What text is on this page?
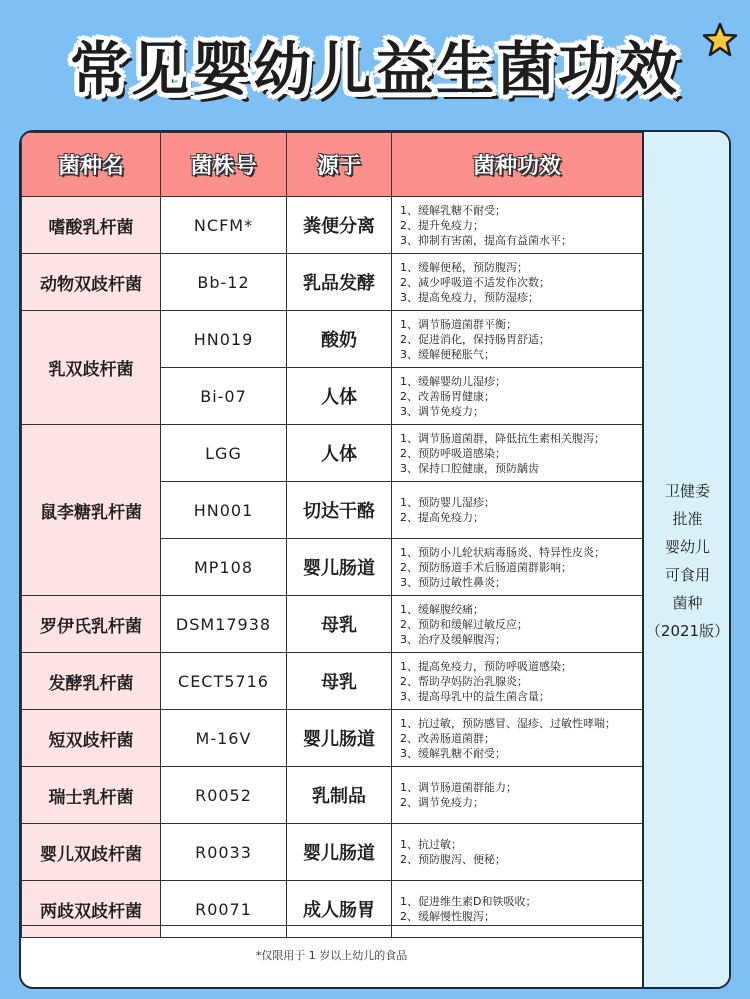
常见婴幼儿益生菌功效
菌种名	菌株号	源于	菌种功效
嗜酸乳杆菌	NCFM*	粪便分离	1、缓解乳糖不耐受；
2、提升免疫力；
3、抑制有害菌，提高有益菌水平；

动物双歧杆菌	Bb-12	乳品发酵	1、缓解便秘，预防腹泻；
2、减少呼吸道不适发作次数；
3、提高免疫力，预防湿疹；

乳双歧杆菌	HN019	酸奶	1、调节肠道菌群平衡；
2、促进消化，保持肠胃舒适；
3、缓解便秘胀气；

	Bi-07	人体	1、缓解婴幼儿湿疹；
2、改善肠胃健康；
3、调节免疫力；

鼠李糖乳杆菌	LGG	人体	1、调节肠道菌群，降低抗生素相关腹泻；
2、预防呼吸道感染；
3、保持口腔健康，预防龋齿

	HN001	切达干酪	1、预防婴儿湿疹；
2、提高免疫力；

	MP108	婴儿肠道	1、预防小儿轮状病毒肠炎、特异性皮炎；
2、预防肠道手术后肠道菌群影响；
3、预防过敏性鼻炎；

罗伊氏乳杆菌	DSM17938	母乳	1、缓解腹绞痛；
2、预防和缓解过敏反应；
3、治疗及缓解腹泻；

发酵乳杆菌	CECT5716	母乳	1、提高免疫力，预防呼吸道感染；
2、帮助孕妈防治乳腺炎；
3、提高母乳中的益生菌含量；

短双歧杆菌	M-16V	婴儿肠道	1、抗过敏，预防感冒、湿疹、过敏性哮喘；
2、改善肠道菌群；
3、缓解乳糖不耐受；

瑞士乳杆菌	R0052	乳制品	1、调节肠道菌群能力；
2、调节免疫力；

婴儿双歧杆菌	R0033	婴儿肠道	1、抗过敏；
2、预防腹泻、便秘；

两歧双歧杆菌	R0071	成人肠胃	1、促进维生素D和铁吸收；
2、缓解慢性腹泻；
*仅限用于 1 岁以上幼儿的食品
卫健委
批准
婴幼儿
可食用
菌种
（2021版）
